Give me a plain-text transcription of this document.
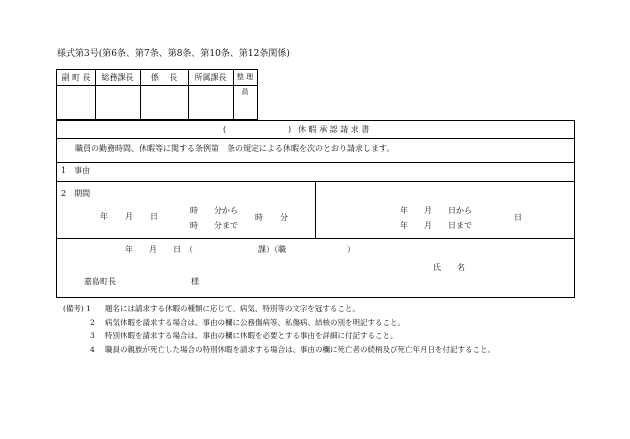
様式第3号(第6条、第7条、第8条、第10条、第12条関係)
副 町 長	総務課長	係　 長	所属課長	整 理 員
(	) 休 暇 承 認 請 求 書
職員の勤務時間、休暇等に関する条例第　条の規定による休暇を次のとおり請求します。
1　事由
2　期間
年 月 日
時　　分から
時　　分まで
時 分
年　　月　　日から
年　　月　　日まで
日
年　　月　　日　（	課）（職	）
氏　　名
嘉島町長	様
(備考) 1 題名には請求する休暇の種類に応じて、病気、特別等の文字を冠すること。
2 病気休暇を請求する場合は、事由の欄に公務傷病等、私傷病、結核の別を明記すること。
3 特別休暇を請求する場合は、事由の欄に休暇を必要とする事由を詳細に付記すること。
4 職員の親族が死亡した場合の特別休暇を請求する場合は、事由の欄に死亡者の続柄及び死亡年月日を付記すること。
